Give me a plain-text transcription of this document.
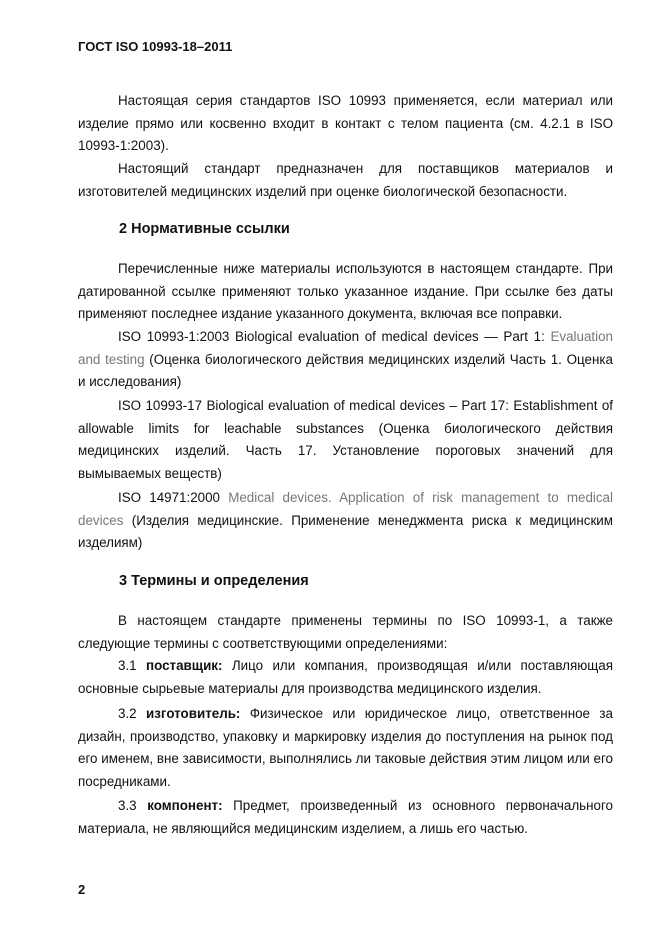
ГОСТ ISO 10993-18–2011

Настоящая серия стандартов ISO 10993 применяется, если материал или изделие прямо или косвенно входит в контакт с телом пациента (см. 4.2.1 в ISO 10993-1:2003).

Настоящий стандарт предназначен для поставщиков материалов и изготовителей медицинских изделий при оценке биологической безопасности.

2 Нормативные ссылки

Перечисленные ниже материалы используются в настоящем стандарте. При датированной ссылке применяют только указанное издание. При ссылке без даты применяют последнее издание указанного документа, включая все поправки.

ISO 10993-1:2003 Biological evaluation of medical devices — Part 1: Evaluation and testing (Оценка биологического действия медицинских изделий Часть 1. Оценка и исследования)

ISO 10993-17 Biological evaluation of medical devices – Part 17: Establishment of allowable limits for leachable substances (Оценка биологического действия медицинских изделий. Часть 17. Установление пороговых значений для вымываемых веществ)

ISO 14971:2000 Medical devices. Application of risk management to medical devices (Изделия медицинские. Применение менеджмента риска к медицинским изделиям)

3 Термины и определения

В настоящем стандарте применены термины по ISO 10993-1, а также следующие термины с соответствующими определениями:

3.1 поставщик: Лицо или компания, производящая и/или поставляющая основные сырьевые материалы для производства медицинского изделия.

3.2 изготовитель: Физическое или юридическое лицо, ответственное за дизайн, производство, упаковку и маркировку изделия до поступления на рынок под его именем, вне зависимости, выполнялись ли таковые действия этим лицом или его посредниками.

3.3 компонент: Предмет, произведенный из основного первоначального материала, не являющийся медицинским изделием, а лишь его частью.

2
